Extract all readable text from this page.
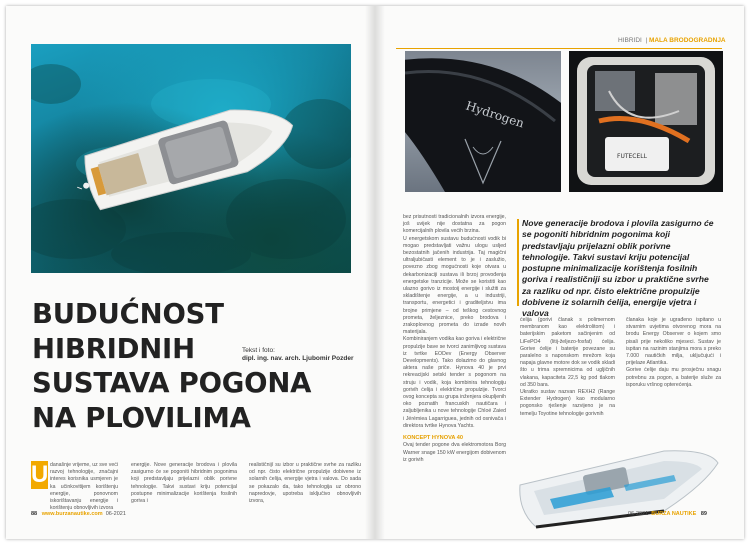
BUDUĆNOST
HIBRIDNIH
SUSTAVA POGONA
NA PLOVILIMA
Tekst i foto:
dipl. ing. nav. arch. Ljubomir Pozder
U današnje vrijeme, uz sve veći razvoj tehnologije, značajni interes korisnika usmjeren je ka učinkovitijem korištenju energije, ponovnom iskorištavanju energije i korištenju obnovljivih izvora
energije. Nove generacije brodova i plovila zasigurno će se pogoniti hibridnim pogonima koji predstavljaju prijelazni oblik porivne tehnologije. Takvi sustavi kriju potencijal postupne minimalizacije korištenja fosilnih goriva i
realističnijí su izbor u praktične svrhe za razliku od npr. čisto električne propulzije dobivene iz solarnih ćelija, energije vjetra i valova. Do sada se pokazalo da, tako tehnologija uz obrono napredovje, upotreba isključivo obnovljivih izvora,
88 www.burzanautike.com 06-2021
HIBRIDI  | MALA BRODOGRADNJA
Hydrogen
FUTECELL
bez prisutnosti tradicionalnih izvora energije, još uvijek nije dostatna za pogon komercijalnih plovila većih brzina.
U energetskom sustavu budućnosti vodik bi mogao predstavljati važnu ulogu usljed bezostatnih jačenih industrija. Taj magični ultraljubičasti element to je i zaslužio, povezno zbog mogućnosti koje otvara u dekarbonizaciji sustava ili brzoj provođenja energetske tranzicije. Može se koristiti kao ulazno gorivo iz mostoij energije i služiti za skladištenje energije, a u industriji, transportu, energetici i graditeljstvu ima brojne primjene – od teškog cestovnog prometa, željeznice, preko brodova i zrakoplovnog prometa do izrade novih materijala.
Kombiniranjem vodika kao goriva i električne propulzije bave se tvorci zanimljivog sustava iz tvrtke EODev (Energy Observer Developments). Tako dolazimo do glavnog aktera naše priče. Hynova 40 je prvi rekreacijski setski tender s pogonom na struju i vodik, koja kombinira tehnologiju gorivih ćelija i električne propulzije. Tvorci ovog koncepta su grupa inženjera okupljenih oko poznatih francuskih nautičara i zaljubljenika u nove tehnologije Chloé Zaied i Jérémiea Lagarriguea, jednih od osnivača i direktora tvrtke Hynova Yachts.
KONCEPT HYNOVA 40
Ovaj tender pogone dva elektromotora Borg Warner snage 150 kW energijom dobivenom iz gorivih
Nove generacije brodova i plovila zasigurno će se pogoniti hibridnim pogonima koji predstavljaju prijelazni oblik porivne tehnologije. Takvi sustavi kriju potencijal postupne minimalizacije korištenja fosilnih goriva i realističniji su izbor u praktične svrhe za razliku od npr. čisto električne propulzije dobivene iz solarnih ćelija, energije vjetra i valova
ćelija (gorivi članak s polimernom membranom kao elektrolitom) i baterijskim paketom sačinjenim od LiFePO4 (litij-željezo-fosfat) ćelija. Gorive ćelije i baterije povezane su paralelno s naponskom mrežom koja napaja glavne motore dok se vodik skladi što u trima spremnicima od ugljičnih vlakana, kapaciteta 22,5 kg pod tlakom od 350 bara.
Ukratko sustav nazvan REXH2 (Range Extender Hydrogen) kao modularno pogonsko rješenje razvijeno je na temelju Toyotine tehnologije gorivnih
članaka koje je ugrađeno ispitano u stvarnim uvjetima otvorenog mora na brodu Energy Observer o kojem smo pisali prije nekoliko mjeseci. Sustav je ispitan na razinim stanjima mora s preko 7.000 nautičkih milja, uključujući i prijelaze Atlantika.
Gorive ćelije daju mu prosječnu snagu potrebnu za pogon, a baterije služe za isporuku vršnog opterećenja.
06-2021 BURZA NAUTIKE 89
